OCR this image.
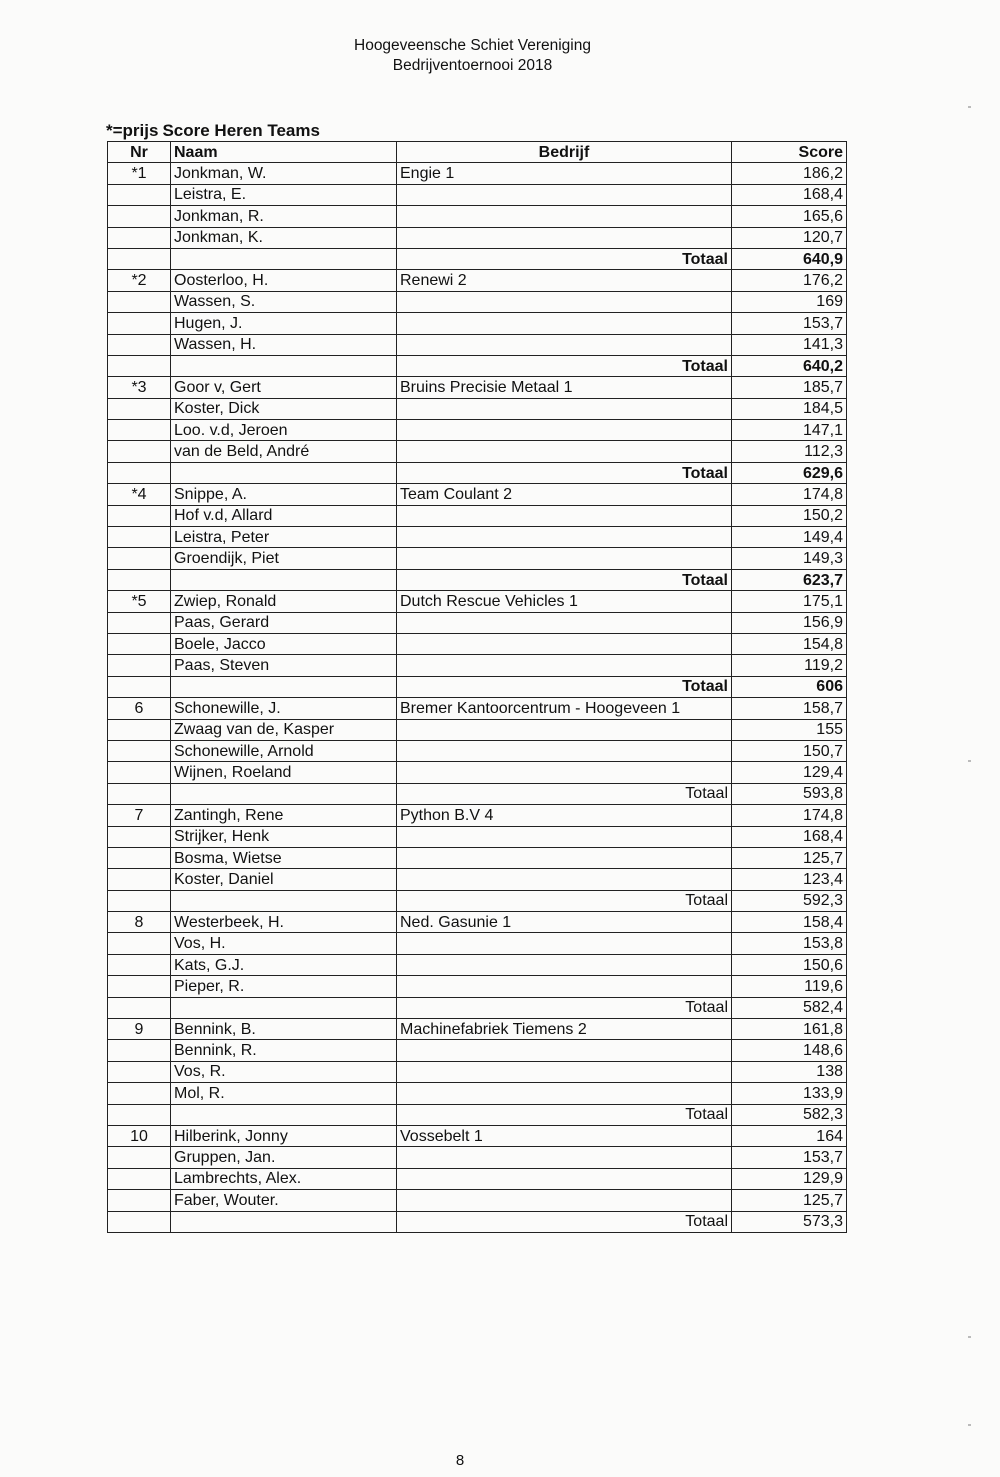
Hoogeveensche Schiet Vereniging
Bedrijventoernooi 2018
*=prijs Score Heren Teams
Nr	Naam	Bedrijf	Score
*1	Jonkman, W.	Engie 1	186,2
	Leistra, E.		168,4
	Jonkman, R.		165,6
	Jonkman, K.		120,7
		Totaal	640,9
*2	Oosterloo, H.	Renewi 2	176,2
	Wassen, S.		169
	Hugen, J.		153,7
	Wassen, H.		141,3
		Totaal	640,2
*3	Goor v, Gert	Bruins Precisie Metaal 1	185,7
	Koster, Dick		184,5
	Loo. v.d, Jeroen		147,1
	van de Beld, André		112,3
		Totaal	629,6
*4	Snippe, A.	Team Coulant 2	174,8
	Hof v.d, Allard		150,2
	Leistra, Peter		149,4
	Groendijk, Piet		149,3
		Totaal	623,7
*5	Zwiep, Ronald	Dutch Rescue Vehicles 1	175,1
	Paas, Gerard		156,9
	Boele, Jacco		154,8
	Paas, Steven		119,2
		Totaal	606
6	Schonewille, J.	Bremer Kantoorcentrum - Hoogeveen 1	158,7
	Zwaag van de, Kasper		155
	Schonewille, Arnold		150,7
	Wijnen, Roeland		129,4
		Totaal	593,8
7	Zantingh, Rene	Python B.V 4	174,8
	Strijker, Henk		168,4
	Bosma, Wietse		125,7
	Koster, Daniel		123,4
		Totaal	592,3
8	Westerbeek, H.	Ned. Gasunie 1	158,4
	Vos, H.		153,8
	Kats, G.J.		150,6
	Pieper, R.		119,6
		Totaal	582,4
9	Bennink, B.	Machinefabriek Tiemens 2	161,8
	Bennink, R.		148,6
	Vos, R.		138
	Mol, R.		133,9
		Totaal	582,3
10	Hilberink, Jonny	Vossebelt 1	164
	Gruppen, Jan.		153,7
	Lambrechts, Alex.		129,9
	Faber, Wouter.		125,7
		Totaal	573,3
8
